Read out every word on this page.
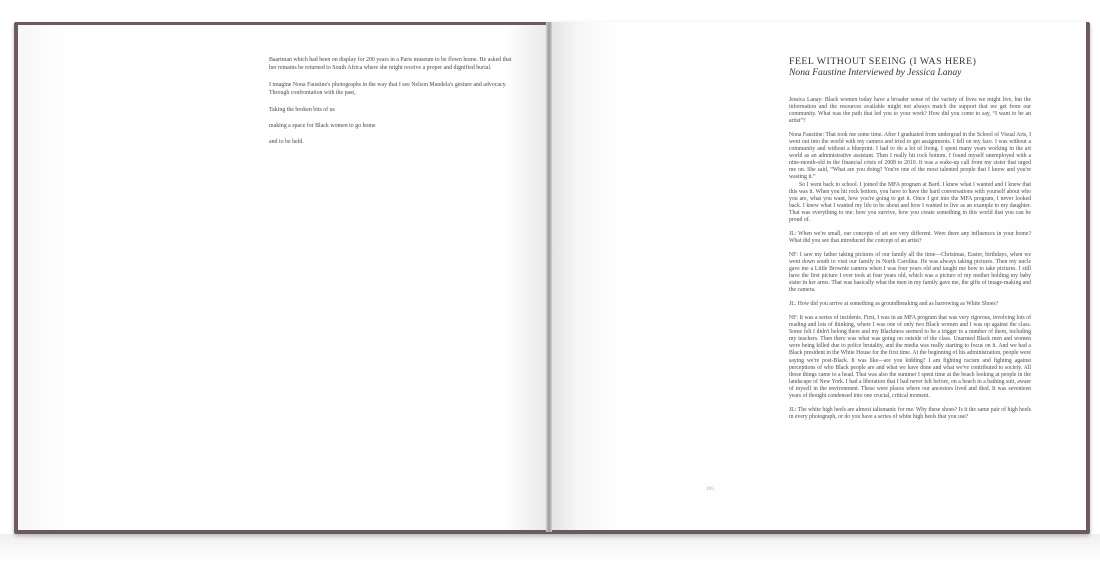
Baartman which had been on display for 200 years in a Paris museum to be flown home. He asked that her remains be returned to South Africa where she might receive a proper and dignified burial.

I imagine Nona Faustine's photographs in the way that I see Nelson Mandela's gesture and advocacy. Through confrontation with the past,

Taking the broken bits of us

making a space for Black women to go home

and to be held.

FEEL WITHOUT SEEING (I WAS HERE)
Nona Faustine Interviewed by Jessica Lanay

Jessica Lanay: Black women today have a broader sense of the variety of lives we might live, but the information and the resources available might not always match the support that we get from our community. What was the path that led you to your work? How did you come to say, “I want to be an artist”?

Nona Faustine: That took me some time. After I graduated from undergrad in the School of Visual Arts, I went out into the world with my camera and tried to get assignments. I fell on my face. I was without a community and without a blueprint. I had to do a lot of living. I spent many years working in the art world as an administrative assistant. Then I really hit rock bottom. I found myself unemployed with a nine-month-old in the financial crisis of 2008 to 2010. It was a wake-up call from my sister that urged me on. She said, “What are you doing? You're one of the most talented people that I know and you're wasting it.”

So I went back to school. I joined the MFA program at Bard. I knew what I wanted and I knew that this was it. When you hit rock bottom, you have to have the hard conversations with yourself about who you are, what you want, how you're going to get it. Once I got into the MFA program, I never looked back. I knew what I wanted my life to be about and how I wanted to live as an example to my daughter. That was everything to me: how you survive, how you create something in this world that you can be proud of.

JL: When we're small, our concepts of art are very different. Were there any influences in your home? What did you see that introduced the concept of an artist?

NF: I saw my father taking pictures of our family all the time—Christmas, Easter, birthdays, when we went down south to visit our family in North Carolina. He was always taking pictures. Then my uncle gave me a Little Brownie camera when I was four years old and taught me how to take pictures. I still have the first picture I ever took at four years old, which was a picture of my mother holding my baby sister in her arms. That was basically what the men in my family gave me, the gifts of image-making and the camera.

JL: How did you arrive at something as groundbreaking and as harrowing as White Shoes?

NF: It was a series of incidents. First, I was in an MFA program that was very rigorous, involving lots of reading and lots of thinking, where I was one of only two Black women and I was up against the class. Some felt I didn't belong there and my Blackness seemed to be a trigger to a number of them, including my teachers. Then there was what was going on outside of the class. Unarmed Black men and women were being killed due to police brutality, and the media was really starting to focus on it. And we had a Black president in the White House for the first time. At the beginning of his administration, people were saying we're post-Black. It was like—are you kidding? I am fighting racism and fighting against perceptions of who Black people are and what we have done and what we've contributed to society. All those things came to a head. That was also the summer I spent time at the beach looking at people in the landscape of New York. I had a liberation that I had never felt before, on a beach in a bathing suit, aware of myself in the environment. These were places where our ancestors lived and died. It was seventeen years of thought condensed into one crucial, critical moment.

JL: The white high heels are almost talismanic for me. Why these shoes? Is it the same pair of high heels in every photograph, or do you have a series of white high heels that you use?

105
